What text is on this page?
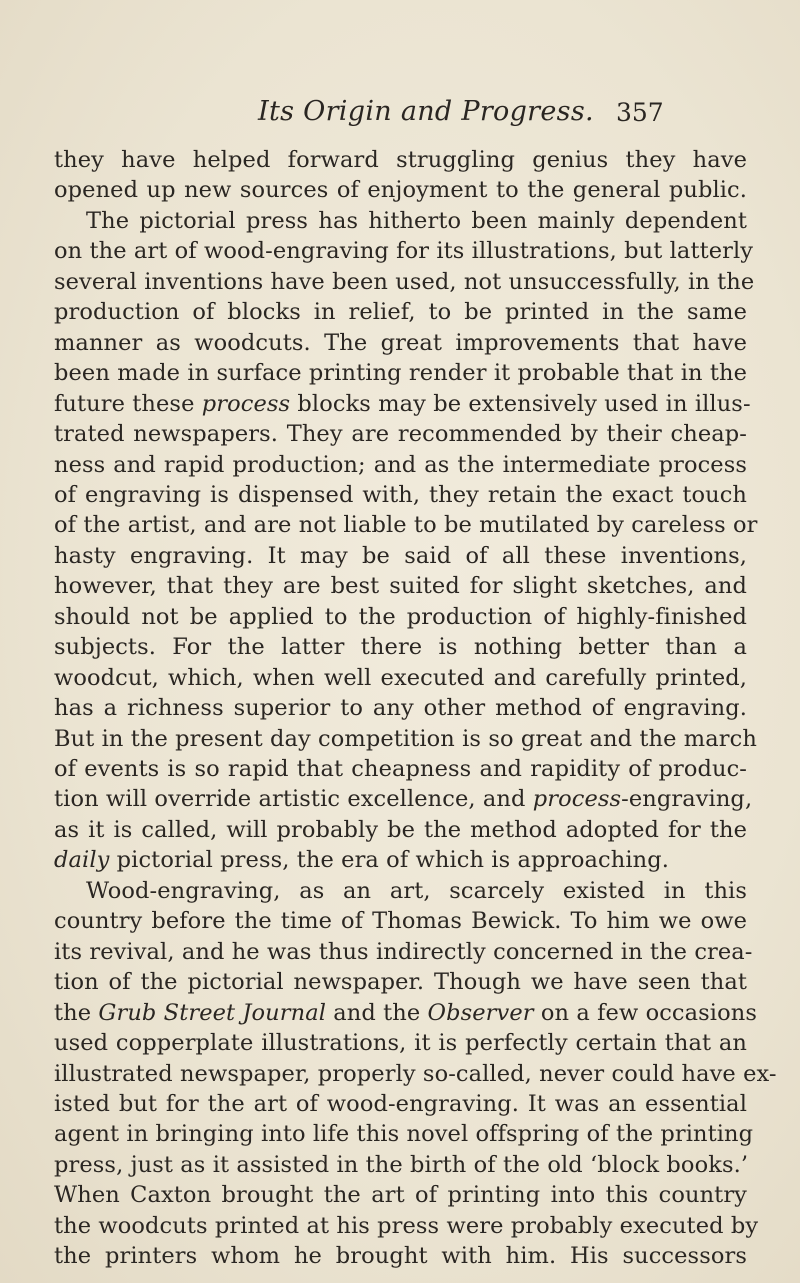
Its Origin and Progress. 357
they have helped forward struggling genius they have
opened up new sources of enjoyment to the general public.
The pictorial press has hitherto been mainly dependent
on the art of wood-engraving for its illustrations, but latterly
several inventions have been used, not unsuccessfully, in the
production of blocks in relief, to be printed in the same
manner as woodcuts. The great improvements that have
been made in surface printing render it probable that in the
future these process blocks may be extensively used in illus-
trated newspapers. They are recommended by their cheap-
ness and rapid production; and as the intermediate process
of engraving is dispensed with, they retain the exact touch
of the artist, and are not liable to be mutilated by careless or
hasty engraving. It may be said of all these inventions,
however, that they are best suited for slight sketches, and
should not be applied to the production of highly-finished
subjects. For the latter there is nothing better than a
woodcut, which, when well executed and carefully printed,
has a richness superior to any other method of engraving.
But in the present day competition is so great and the march
of events is so rapid that cheapness and rapidity of produc-
tion will override artistic excellence, and process-engraving,
as it is called, will probably be the method adopted for the
daily pictorial press, the era of which is approaching.
Wood-engraving, as an art, scarcely existed in this
country before the time of Thomas Bewick. To him we owe
its revival, and he was thus indirectly concerned in the crea-
tion of the pictorial newspaper. Though we have seen that
the Grub Street Journal and the Observer on a few occasions
used copperplate illustrations, it is perfectly certain that an
illustrated newspaper, properly so-called, never could have ex-
isted but for the art of wood-engraving. It was an essential
agent in bringing into life this novel offspring of the printing
press, just as it assisted in the birth of the old ‘block books.’
When Caxton brought the art of printing into this country
the woodcuts printed at his press were probably executed by
the printers whom he brought with him. His successors
